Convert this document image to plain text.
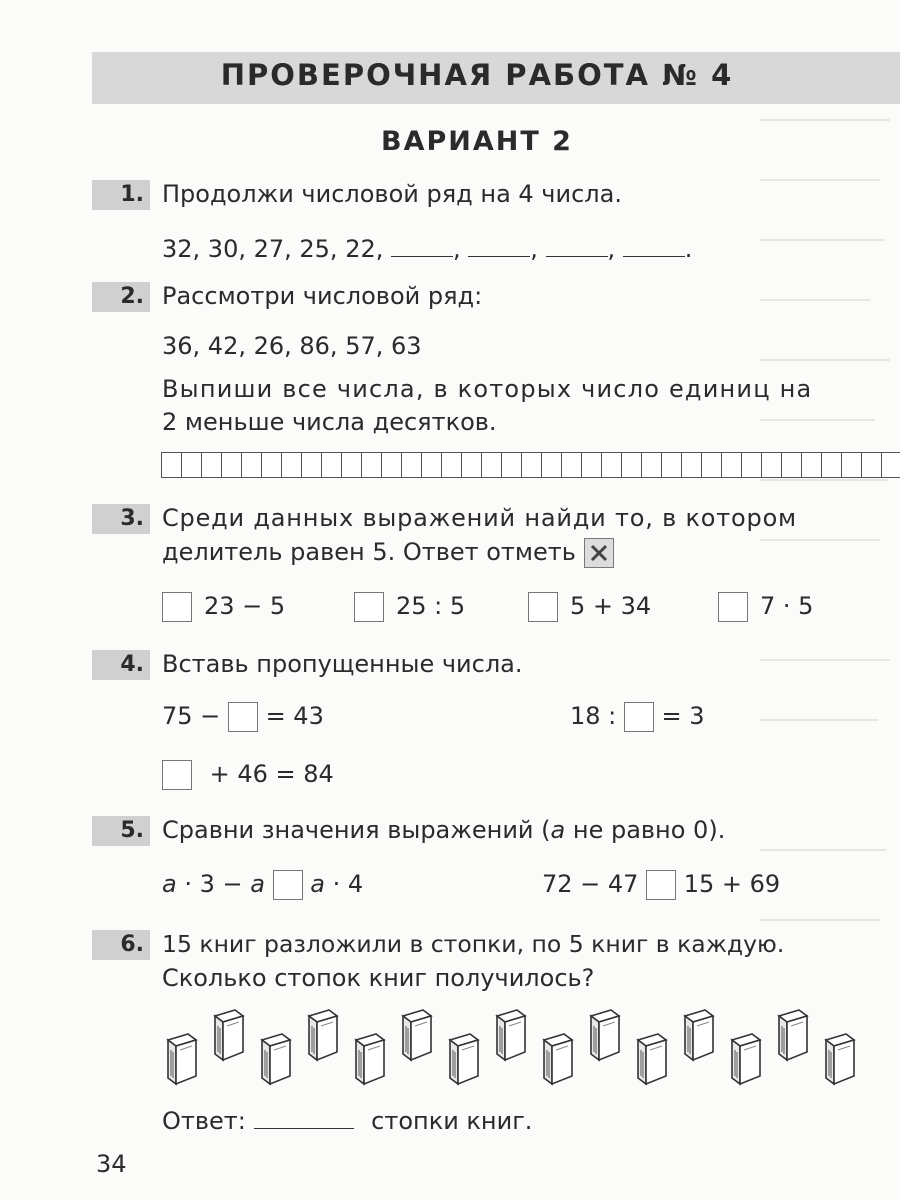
ПРОВЕРОЧНАЯ РАБОТА № 4
ВАРИАНТ 2
1. Продолжи числовой ряд на 4 числа.
32, 30, 27, 25, 22,	,	,	,	.
2. Рассмотри числовой ряд:
36, 42, 26, 86, 57, 63
Выпиши все числа, в которых число единиц на
2 меньше числа десятков.
3. Среди данных выражений найди то, в котором
делитель равен 5. Ответ отметь
23 − 5	25 : 5	5 + 34	7 · 5
4. Вставь пропущенные числа.
75 − = 43	18 : = 3
+ 46 = 84
5. Сравни значения выражений (a не равно 0).
a · 3 − a a · 4	72 − 47 15 + 69
6. 15 книг разложили в стопки, по 5 книг в каждую.
Сколько стопок книг получилось?
Ответ:	стопки книг.
34
